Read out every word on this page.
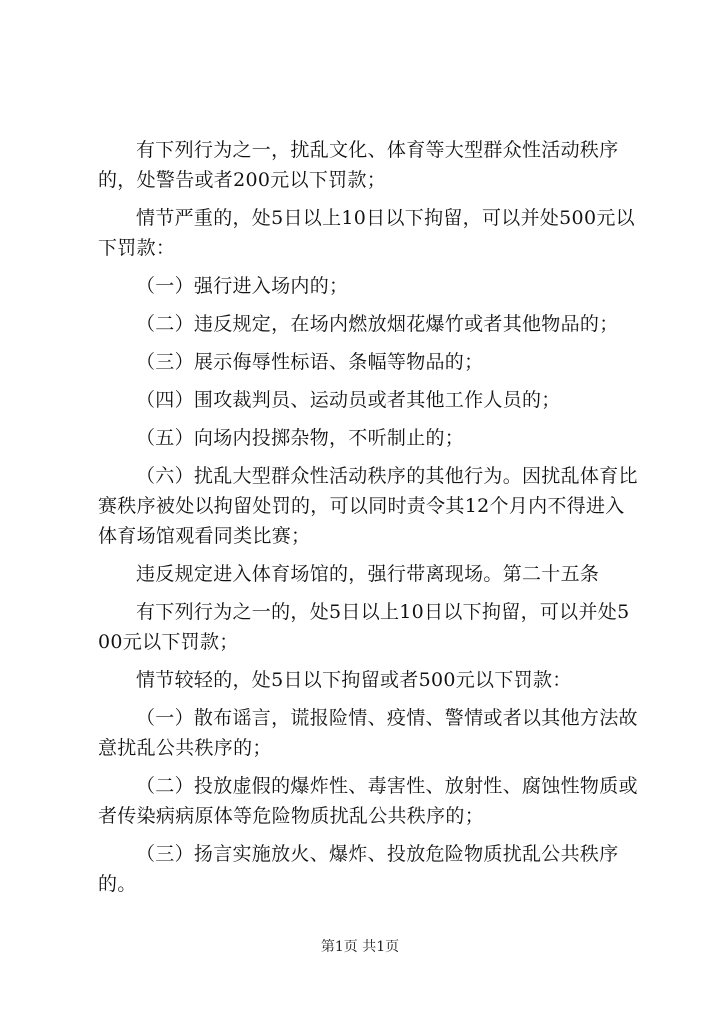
有下列行为之一，扰乱文化、体育等大型群众性活动秩序的，处警告或者200元以下罚款；

情节严重的，处5日以上10日以下拘留，可以并处500元以下罚款：

（一）强行进入场内的；

（二）违反规定，在场内燃放烟花爆竹或者其他物品的；

（三）展示侮辱性标语、条幅等物品的；

（四）围攻裁判员、运动员或者其他工作人员的；

（五）向场内投掷杂物，不听制止的；

（六）扰乱大型群众性活动秩序的其他行为。因扰乱体育比赛秩序被处以拘留处罚的，可以同时责令其12个月内不得进入体育场馆观看同类比赛；

违反规定进入体育场馆的，强行带离现场。第二十五条

有下列行为之一的，处5日以上10日以下拘留，可以并处500元以下罚款；

情节较轻的，处5日以下拘留或者500元以下罚款：

（一）散布谣言，谎报险情、疫情、警情或者以其他方法故意扰乱公共秩序的；

（二）投放虚假的爆炸性、毒害性、放射性、腐蚀性物质或者传染病病原体等危险物质扰乱公共秩序的；

（三）扬言实施放火、爆炸、投放危险物质扰乱公共秩序的。

第1页 共1页
